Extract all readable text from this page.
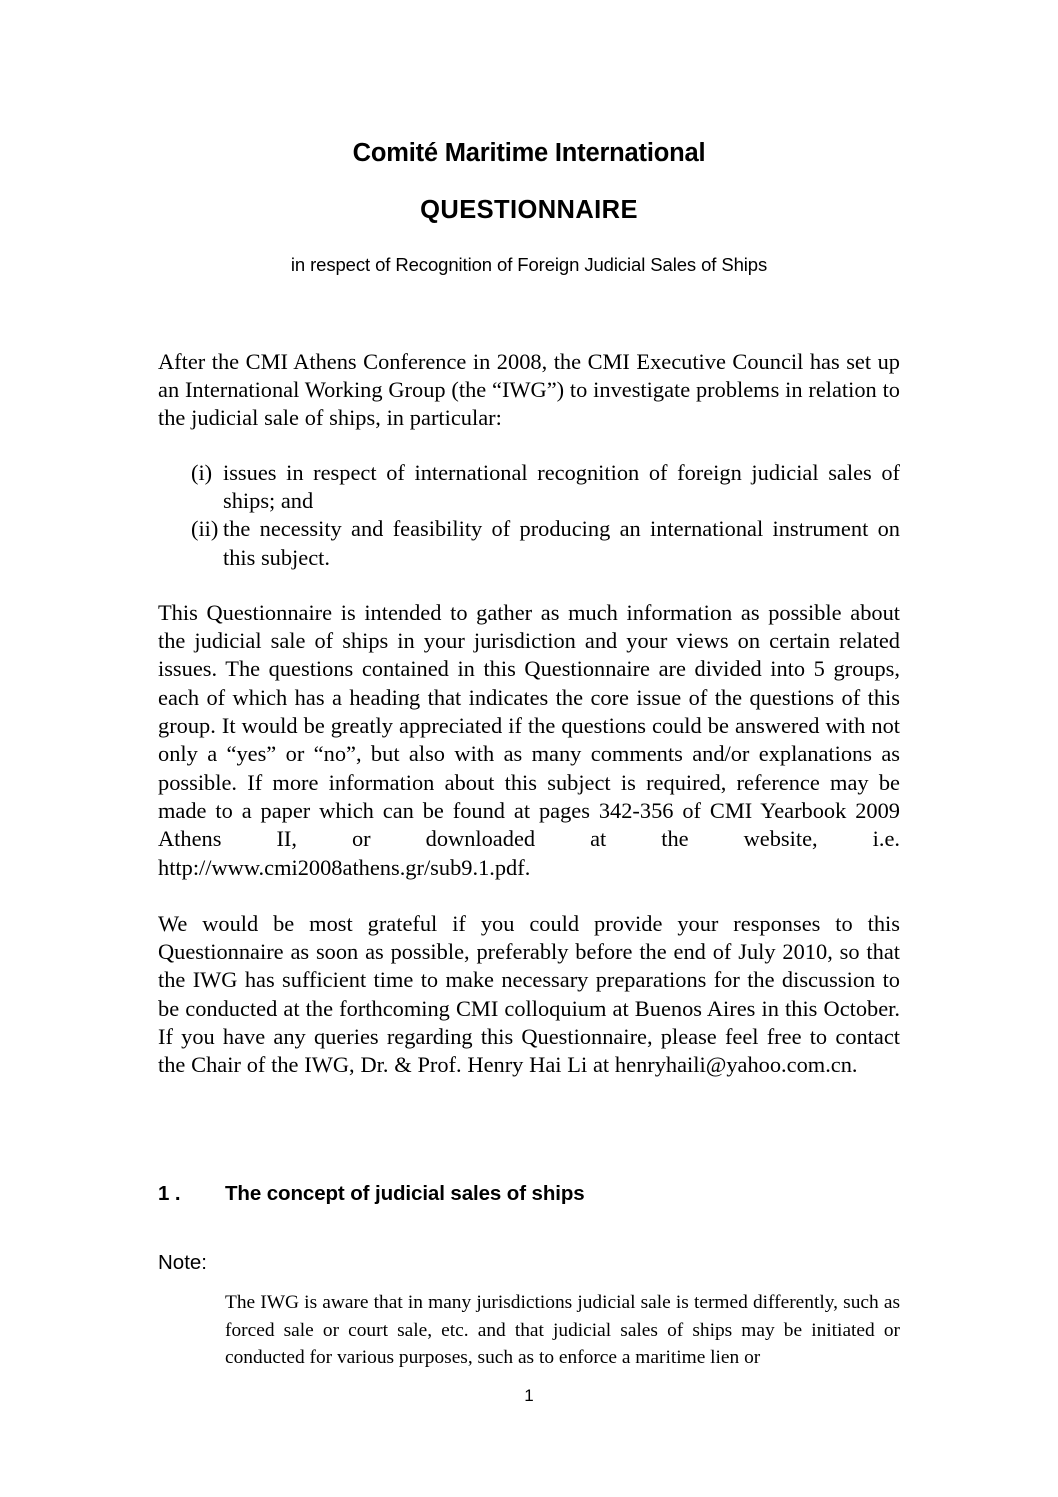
Comité Maritime International
QUESTIONNAIRE

in respect of Recognition of Foreign Judicial Sales of Ships

After the CMI Athens Conference in 2008, the CMI Executive Council has set up an International Working Group (the “IWG”) to investigate problems in relation to the judicial sale of ships, in particular:

(i) issues in respect of international recognition of foreign judicial sales of ships; and
(ii) the necessity and feasibility of producing an international instrument on this subject.

This Questionnaire is intended to gather as much information as possible about the judicial sale of ships in your jurisdiction and your views on certain related issues. The questions contained in this Questionnaire are divided into 5 groups, each of which has a heading that indicates the core issue of the questions of this group. It would be greatly appreciated if the questions could be answered with not only a “yes” or “no”, but also with as many comments and/or explanations as possible. If more information about this subject is required, reference may be made to a paper which can be found at pages 342-356 of CMI Yearbook 2009 Athens II, or downloaded at the website, i.e. http://www.cmi2008athens.gr/sub9.1.pdf.

We would be most grateful if you could provide your responses to this Questionnaire as soon as possible, preferably before the end of July 2010, so that the IWG has sufficient time to make necessary preparations for the discussion to be conducted at the forthcoming CMI colloquium at Buenos Aires in this October. If you have any queries regarding this Questionnaire, please feel free to contact the Chair of the IWG, Dr. & Prof. Henry Hai Li at henryhaili@yahoo.com.cn.

1 .	The concept of judicial sales of ships

Note:

The IWG is aware that in many jurisdictions judicial sale is termed differently, such as forced sale or court sale, etc. and that judicial sales of ships may be initiated or conducted for various purposes, such as to enforce a maritime lien or

1
